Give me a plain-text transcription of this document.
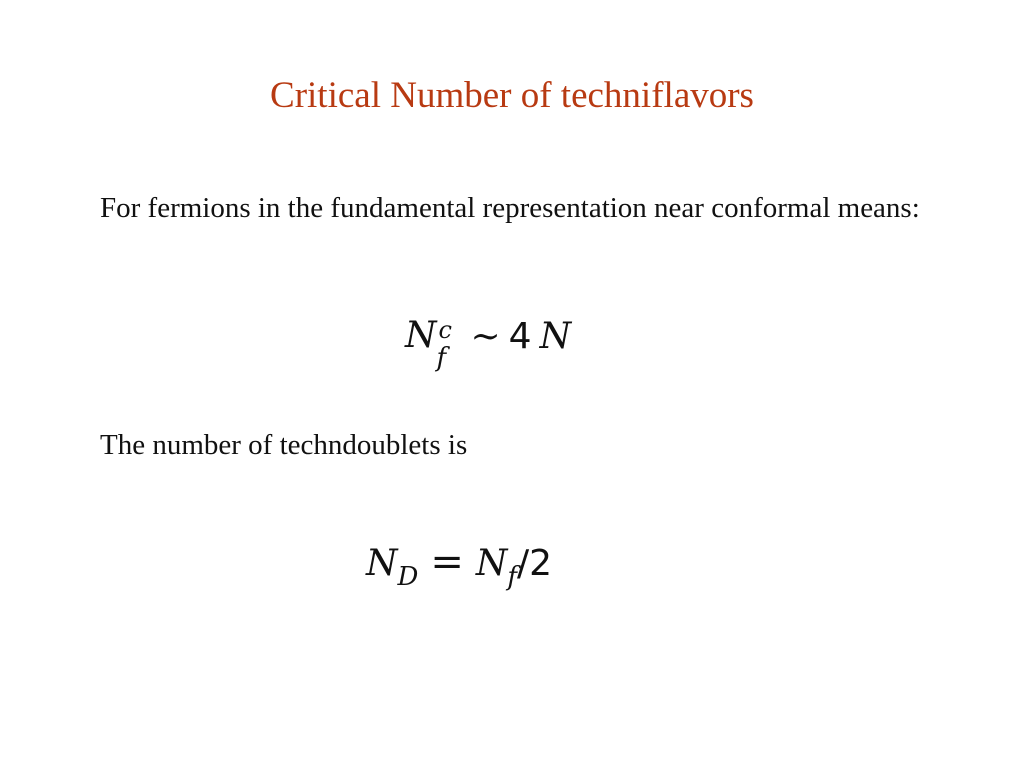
Critical Number of techniflavors
For fermions in the fundamental representation near conformal means:
N c
f
∼ 4 N
The number of techndoublets is
$N_D = N_f/2$
